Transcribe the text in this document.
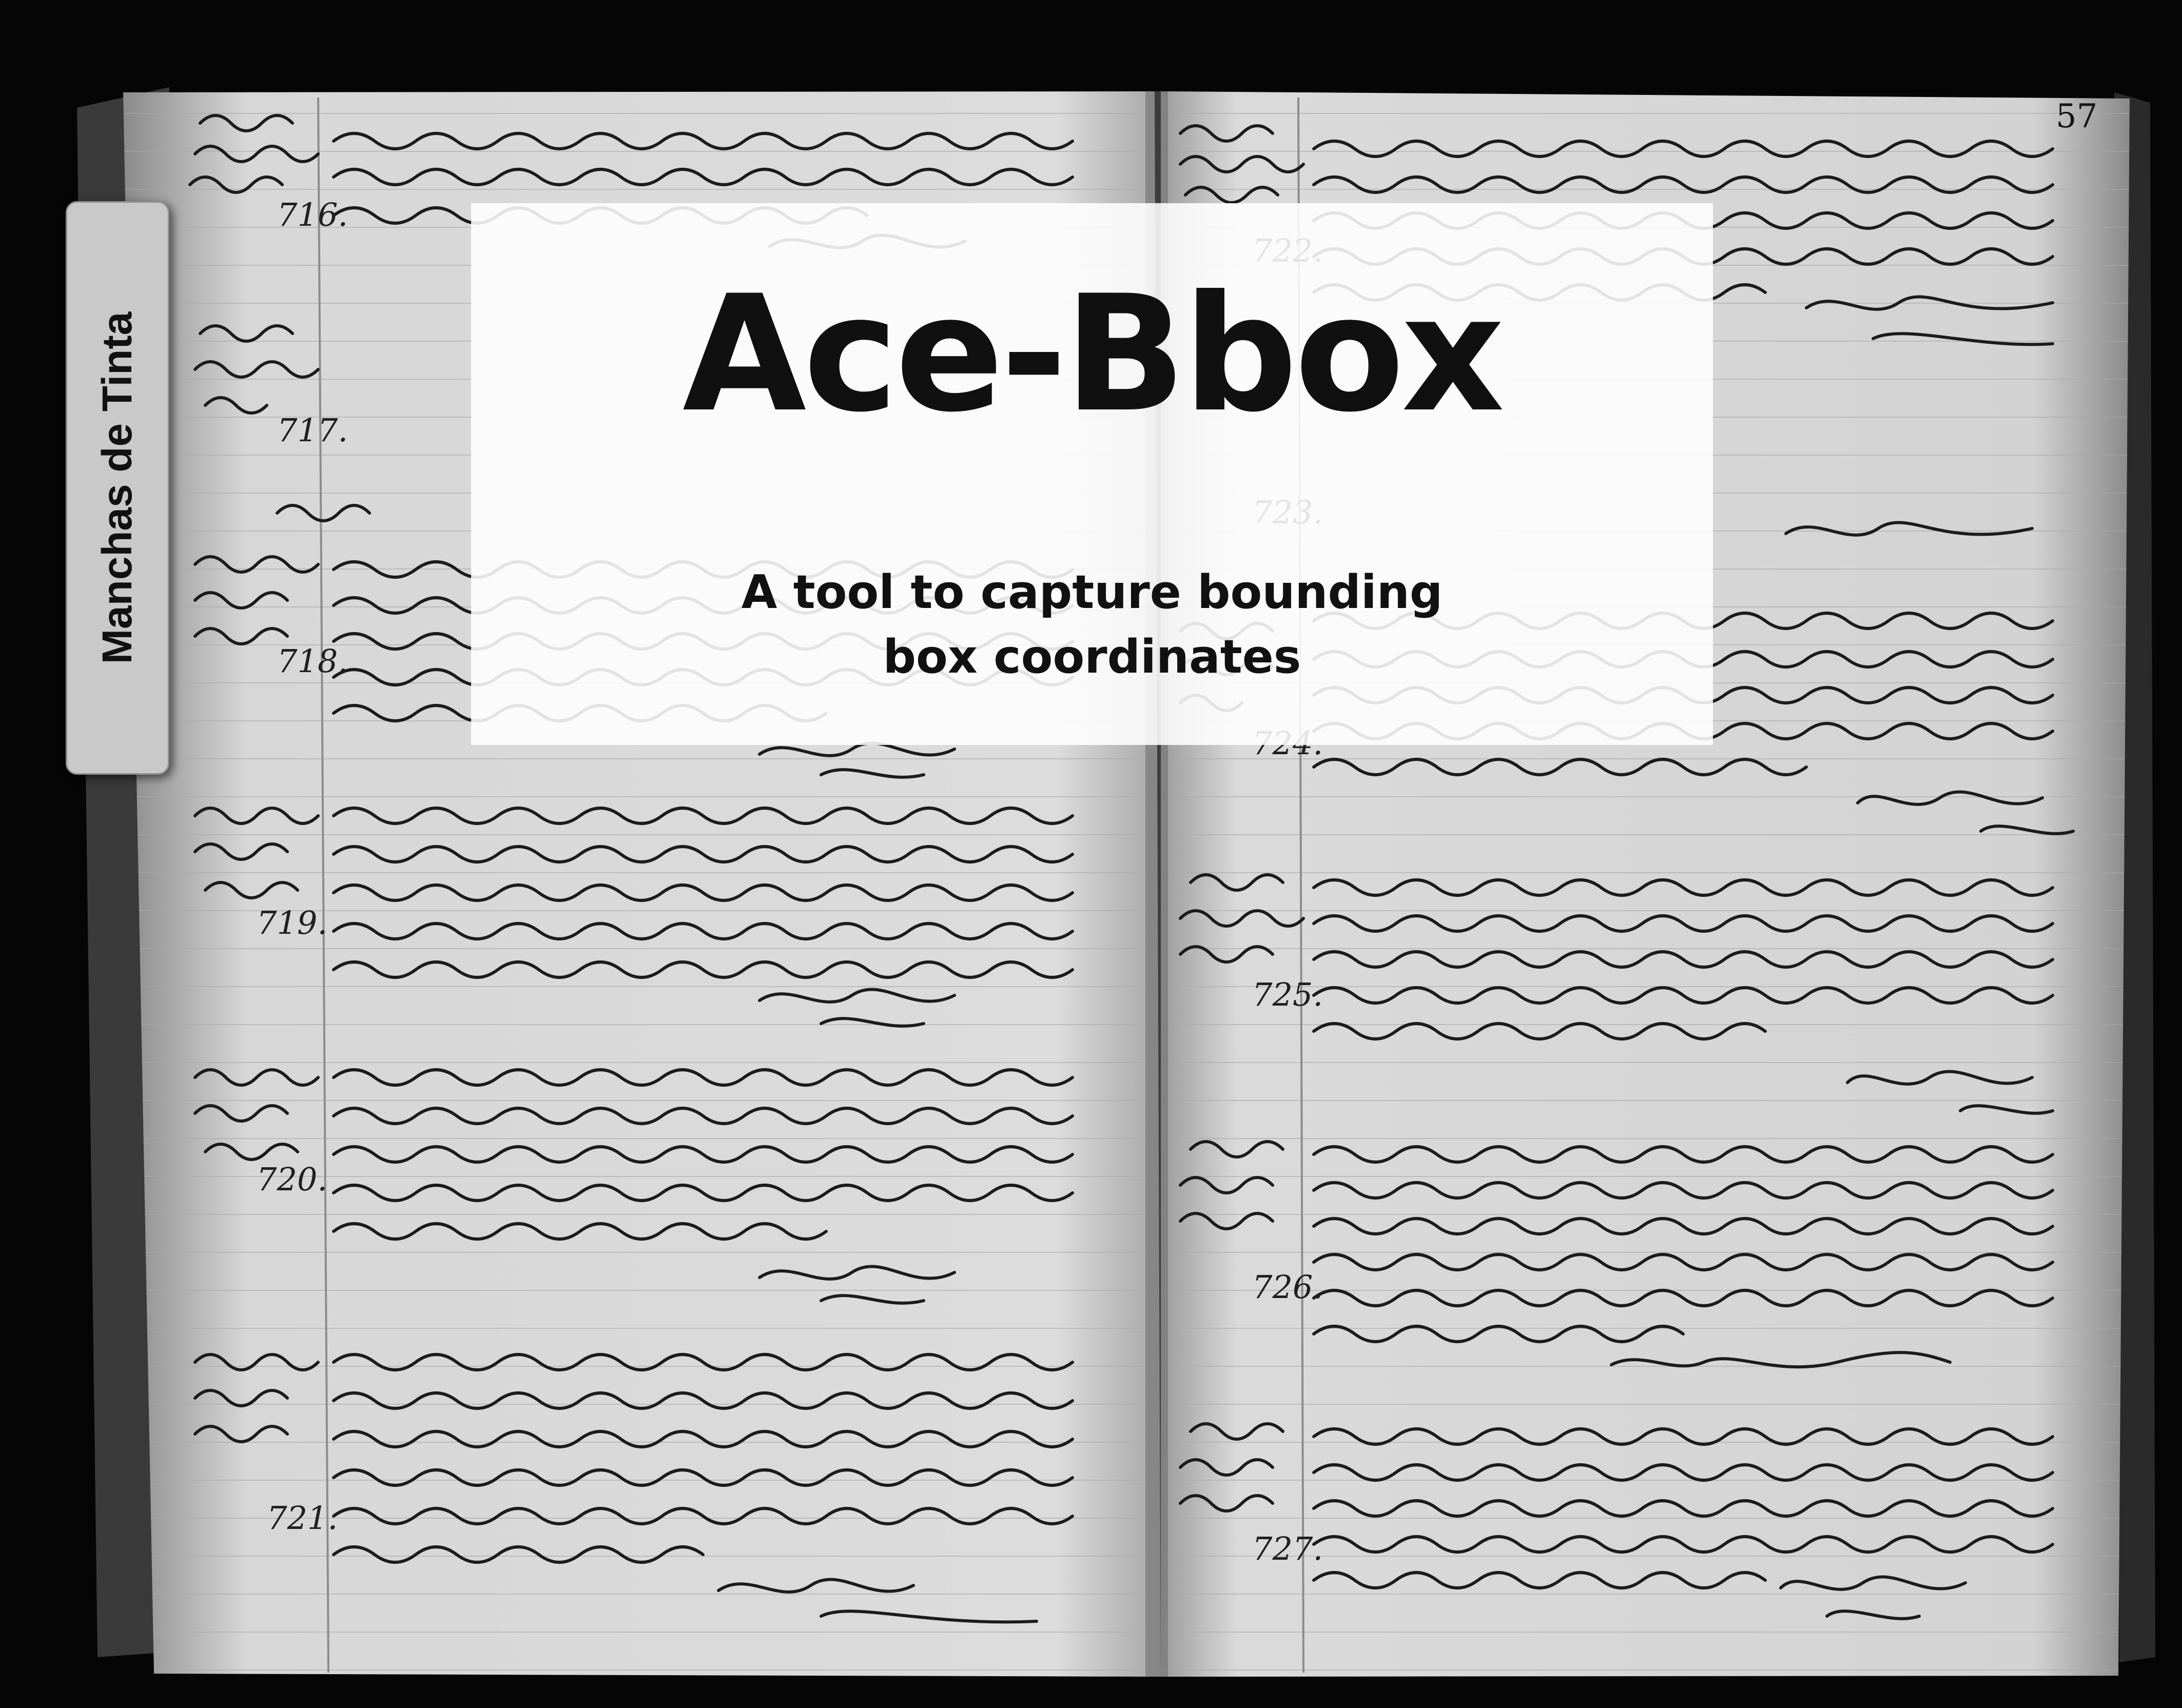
716.
717.
718.
719.
720.
721.
725.
726.
727.
57
Manchas de Tinta	Ace-Bbox
A tool to capture bounding
box coordinates
